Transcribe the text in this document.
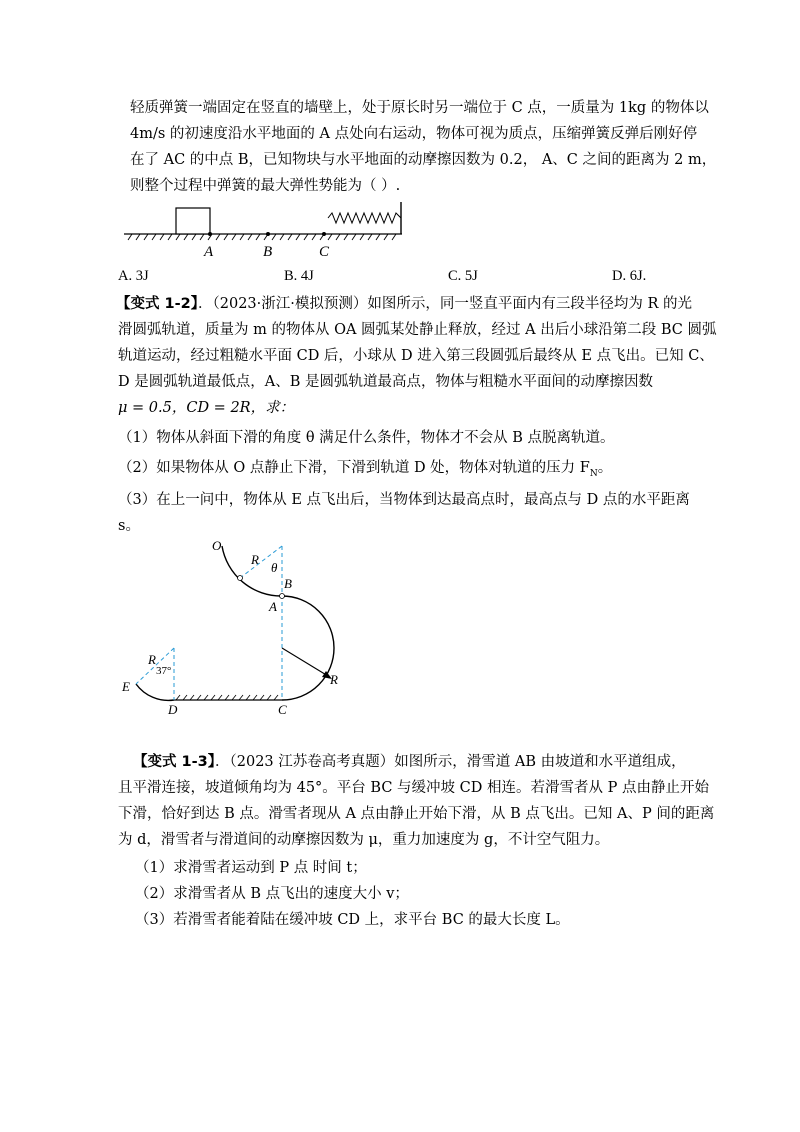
轻质弹簧一端固定在竖直的墙壁上，处于原长时另一端位于 C 点，一质量为 1kg 的物体以
4m/s 的初速度沿水平地面的 A 点处向右运动，物体可视为质点，压缩弹簧反弹后刚好停
在了 AC 的中点 B，已知物块与水平地面的动摩擦因数为 0.2， A、C 之间的距离为 2 m，
则整个过程中弹簧的最大弹性势能为（ ）.
A	B	C
A. 3J	B. 4J	C. 5J	D. 6J.
【变式 1-2】．（2023·浙江·模拟预测）如图所示，同一竖直平面内有三段半径均为 R 的光
滑圆弧轨道，质量为 m 的物体从 OA 圆弧某处静止释放，经过 A 出后小球沿第二段 BC 圆弧
轨道运动，经过粗糙水平面 CD 后，小球从 D 进入第三段圆弧后最终从 E 点飞出。已知 C、
D 是圆弧轨道最低点，A、B 是圆弧轨道最高点，物体与粗糙水平面间的动摩擦因数
μ = 0.5，CD = 2R，求：
（1）物体从斜面下滑的角度 θ 满足什么条件，物体才不会从 B 点脱离轨道。
（2）如果物体从 O 点静止下滑，下滑到轨道 D 处，物体对轨道的压力 $F_N$。
（3）在上一问中，物体从 E 点飞出后，当物体到达最高点时，最高点与 D 点的水平距离
s。
O
R
θ
B
A
R
37°
E
D	C
R
【变式 1-3】．（2023 江苏卷高考真题）如图所示，滑雪道 AB 由坡道和水平道组成，
且平滑连接，坡道倾角均为 45°。平台 BC 与缓冲坡 CD 相连。若滑雪者从 P 点由静止开始
下滑，恰好到达 B 点。滑雪者现从 A 点由静止开始下滑，从 B 点飞出。已知 A、P 间的距离
为 d，滑雪者与滑道间的动摩擦因数为 μ，重力加速度为 g，不计空气阻力。
（1）求滑雪者运动到 P 点 时间 t；
（2）求滑雪者从 B 点飞出的速度大小 v；
（3）若滑雪者能着陆在缓冲坡 CD 上，求平台 BC 的最大长度 L。
